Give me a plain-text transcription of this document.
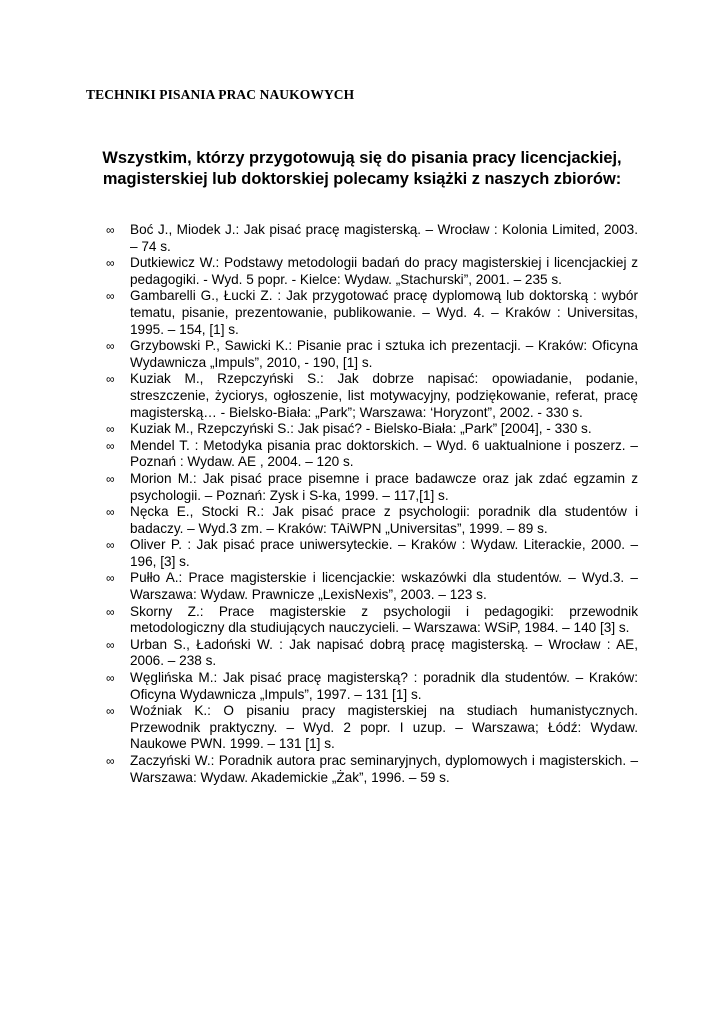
TECHNIKI PISANIA PRAC NAUKOWYCH
Wszystkim, którzy przygotowują się do pisania pracy licencjackiej,
magisterskiej lub doktorskiej polecamy książki z naszych zbiorów:
∞ Boć J., Miodek J.: Jak pisać pracę magisterską. – Wrocław : Kolonia Limited, 2003. – 74 s.
∞ Dutkiewicz W.: Podstawy metodologii badań do pracy magisterskiej i licencjackiej z pedagogiki. - Wyd. 5 popr. - Kielce: Wydaw. „Stachurski”, 2001. – 235 s.
∞ Gambarelli G., Łucki Z. : Jak przygotować pracę dyplomową lub doktorską : wybór tematu, pisanie, prezentowanie, publikowanie. – Wyd. 4. – Kraków : Universitas, 1995. – 154, [1] s.
∞ Grzybowski P., Sawicki K.: Pisanie prac i sztuka ich prezentacji. – Kraków: Oficyna Wydawnicza „Impuls”, 2010, - 190, [1] s.
∞ Kuziak M., Rzepczyński S.: Jak dobrze napisać: opowiadanie, podanie, streszczenie, życiorys, ogłoszenie, list motywacyjny, podziękowanie, referat, pracę magisterską… - Bielsko-Biała: „Park”; Warszawa: ‘Horyzont”, 2002. - 330 s.
∞ Kuziak M., Rzepczyński S.: Jak pisać? - Bielsko-Biała: „Park” [2004], - 330 s.
∞ Mendel T. : Metodyka pisania prac doktorskich. – Wyd. 6 uaktualnione i poszerz. – Poznań : Wydaw. AE , 2004. – 120 s.
∞ Morion M.: Jak pisać prace pisemne i prace badawcze oraz jak zdać egzamin z psychologii. – Poznań: Zysk i S-ka, 1999. – 117,[1] s.
∞ Nęcka E., Stocki R.: Jak pisać prace z psychologii: poradnik dla studentów i badaczy. – Wyd.3 zm. – Kraków: TAiWPN „Universitas”, 1999. – 89 s.
∞ Oliver P. : Jak pisać prace uniwersyteckie. – Kraków : Wydaw. Literackie, 2000. – 196, [3] s.
∞ Pułło A.: Prace magisterskie i licencjackie: wskazówki dla studentów. – Wyd.3. – Warszawa: Wydaw. Prawnicze „LexisNexis”, 2003. – 123 s.
∞ Skorny Z.: Prace magisterskie z psychologii i pedagogiki: przewodnik metodologiczny dla studiujących nauczycieli. – Warszawa: WSiP, 1984. – 140 [3] s.
∞ Urban S., Ładoński W. : Jak napisać dobrą pracę magisterską. – Wrocław : AE, 2006. – 238 s.
∞ Węglińska M.: Jak pisać pracę magisterską? : poradnik dla studentów. – Kraków: Oficyna Wydawnicza „Impuls”, 1997. – 131 [1] s.
∞ Woźniak K.: O pisaniu pracy magisterskiej na studiach humanistycznych. Przewodnik praktyczny. – Wyd. 2 popr. I uzup. – Warszawa; Łódź: Wydaw. Naukowe PWN. 1999. – 131 [1] s.
∞ Zaczyński W.: Poradnik autora prac seminaryjnych, dyplomowych i magisterskich. – Warszawa: Wydaw. Akademickie „Żak”, 1996. – 59 s.
